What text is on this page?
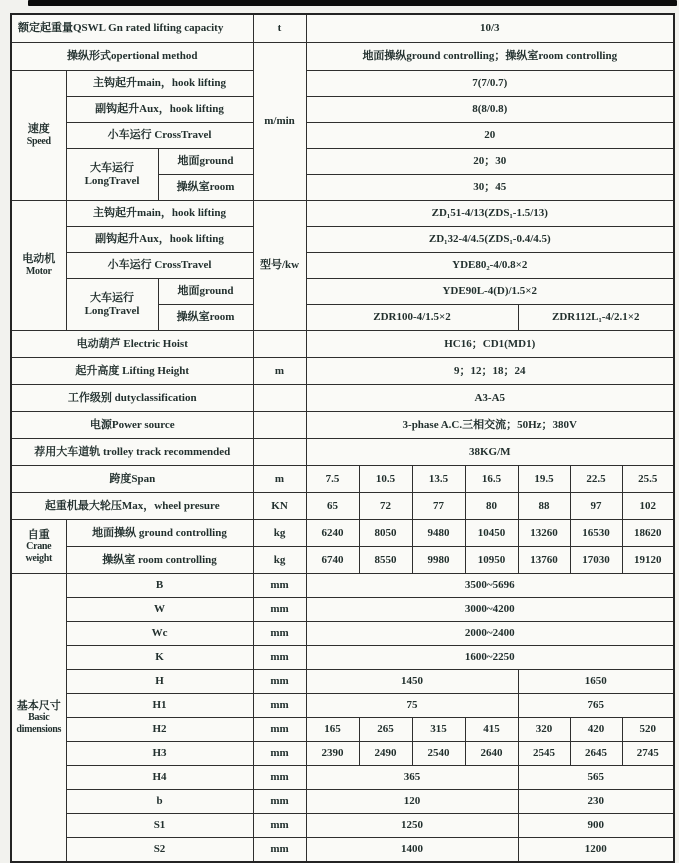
额定起重量QSWL Gn rated lifting capacity			t	10/3						
操纵形式opertional method			m/min	地面操纵ground controlling；操纵室room controlling						

速度
Speed	主钩起升main，hook lifting			7(7/0.7)						
	副钩起升Aux，hook lifting			8(8/0.8)						
	小车运行 CrossTravel			20						

	大车运行
LongTravel	地面ground		20；30						
		操纵室room		30；45						

电动机
Motor	主钩起升main，hook lifting		型号/kw	ZD₁51-4/13(ZDS₁-1.5/13)						
	副钩起升Aux，hook lifting			ZD₁32-4/4.5(ZDS₁-0.4/4.5)						
	小车运行 CrossTravel			YDE80₂-4/0.8×2						

	大车运行
LongTravel	地面ground		YDE90L-4(D)/1.5×2						
		操纵室room		ZDR100-4/1.5×2				ZDR112L₁-4/2.1×2		
电动葫芦 Electric Hoist				HC16；CD1(MD1)						
起升高度 Lifting Height			m	9；12；18；24						
工作级别 dutyclassification				A3-A5						
电源Power source				3-phase A.C.三相交流；50Hz；380V						
荐用大车道轨 trolley track recommended				38KG/M						
跨度Span			m	7.5	10.5	13.5	16.5	19.5	22.5	25.5
起重机最大轮压Max，wheel presure			KN	65	72	77	80	88	97	102

自重
Crane
weight	地面操纵 ground controlling		kg	6240	8050	9480	10450	13260	16530	18620
	操纵室 room controlling		kg	6740	8550	9980	10950	13760	17030	19120

基本尺寸
Basic
dimensions	B		mm	3500~5696						
	W		mm	3000~4200						
	Wc		mm	2000~2400						
	K		mm	1600~2250						
	H		mm	1450				1650		
	H1		mm	75				765		
	H2		mm	165	265	315	415	320	420	520
	H3		mm	2390	2490	2540	2640	2545	2645	2745
	H4		mm	365				565		
	b		mm	120				230		
	S1		mm	1250				900		
	S2		mm	1400				1200		
